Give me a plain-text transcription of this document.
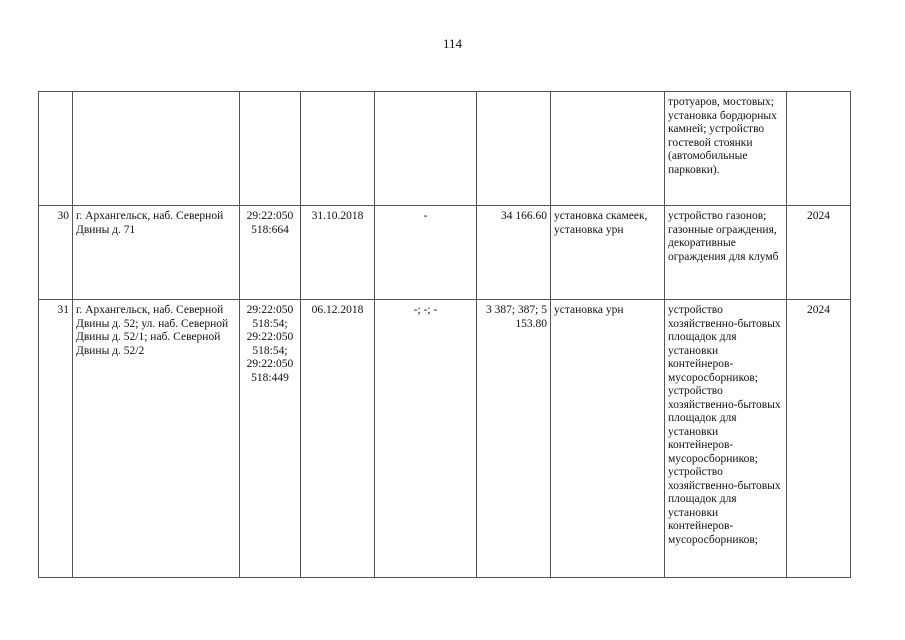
114
							тротуаров, мостовых; установка бордюрных камней; устройство гостевой стоянки (автомобильные парковки).	
30	г. Архангельск, наб. Северной Двины д. 71	29:22:050 518:664	31.10.2018	-	34 166.60	установка скамеек, установка урн	устройство газонов; газонные ограждения, декоративные ограждения для клумб	2024
31	г. Архангельск, наб. Северной Двины д. 52; ул. наб. Северной Двины д. 52/1; наб. Северной Двины д. 52/2	29:22:050 518:54; 29:22:050 518:54; 29:22:050 518:449	06.12.2018	-; -; -	3 387; 387; 5 153.80	установка урн	устройство хозяйственно-бытовых площадок для установки контейнеров-мусоросборников; устройство хозяйственно-бытовых площадок для установки контейнеров-мусоросборников; устройство хозяйственно-бытовых площадок для установки контейнеров-мусоросборников;	2024
